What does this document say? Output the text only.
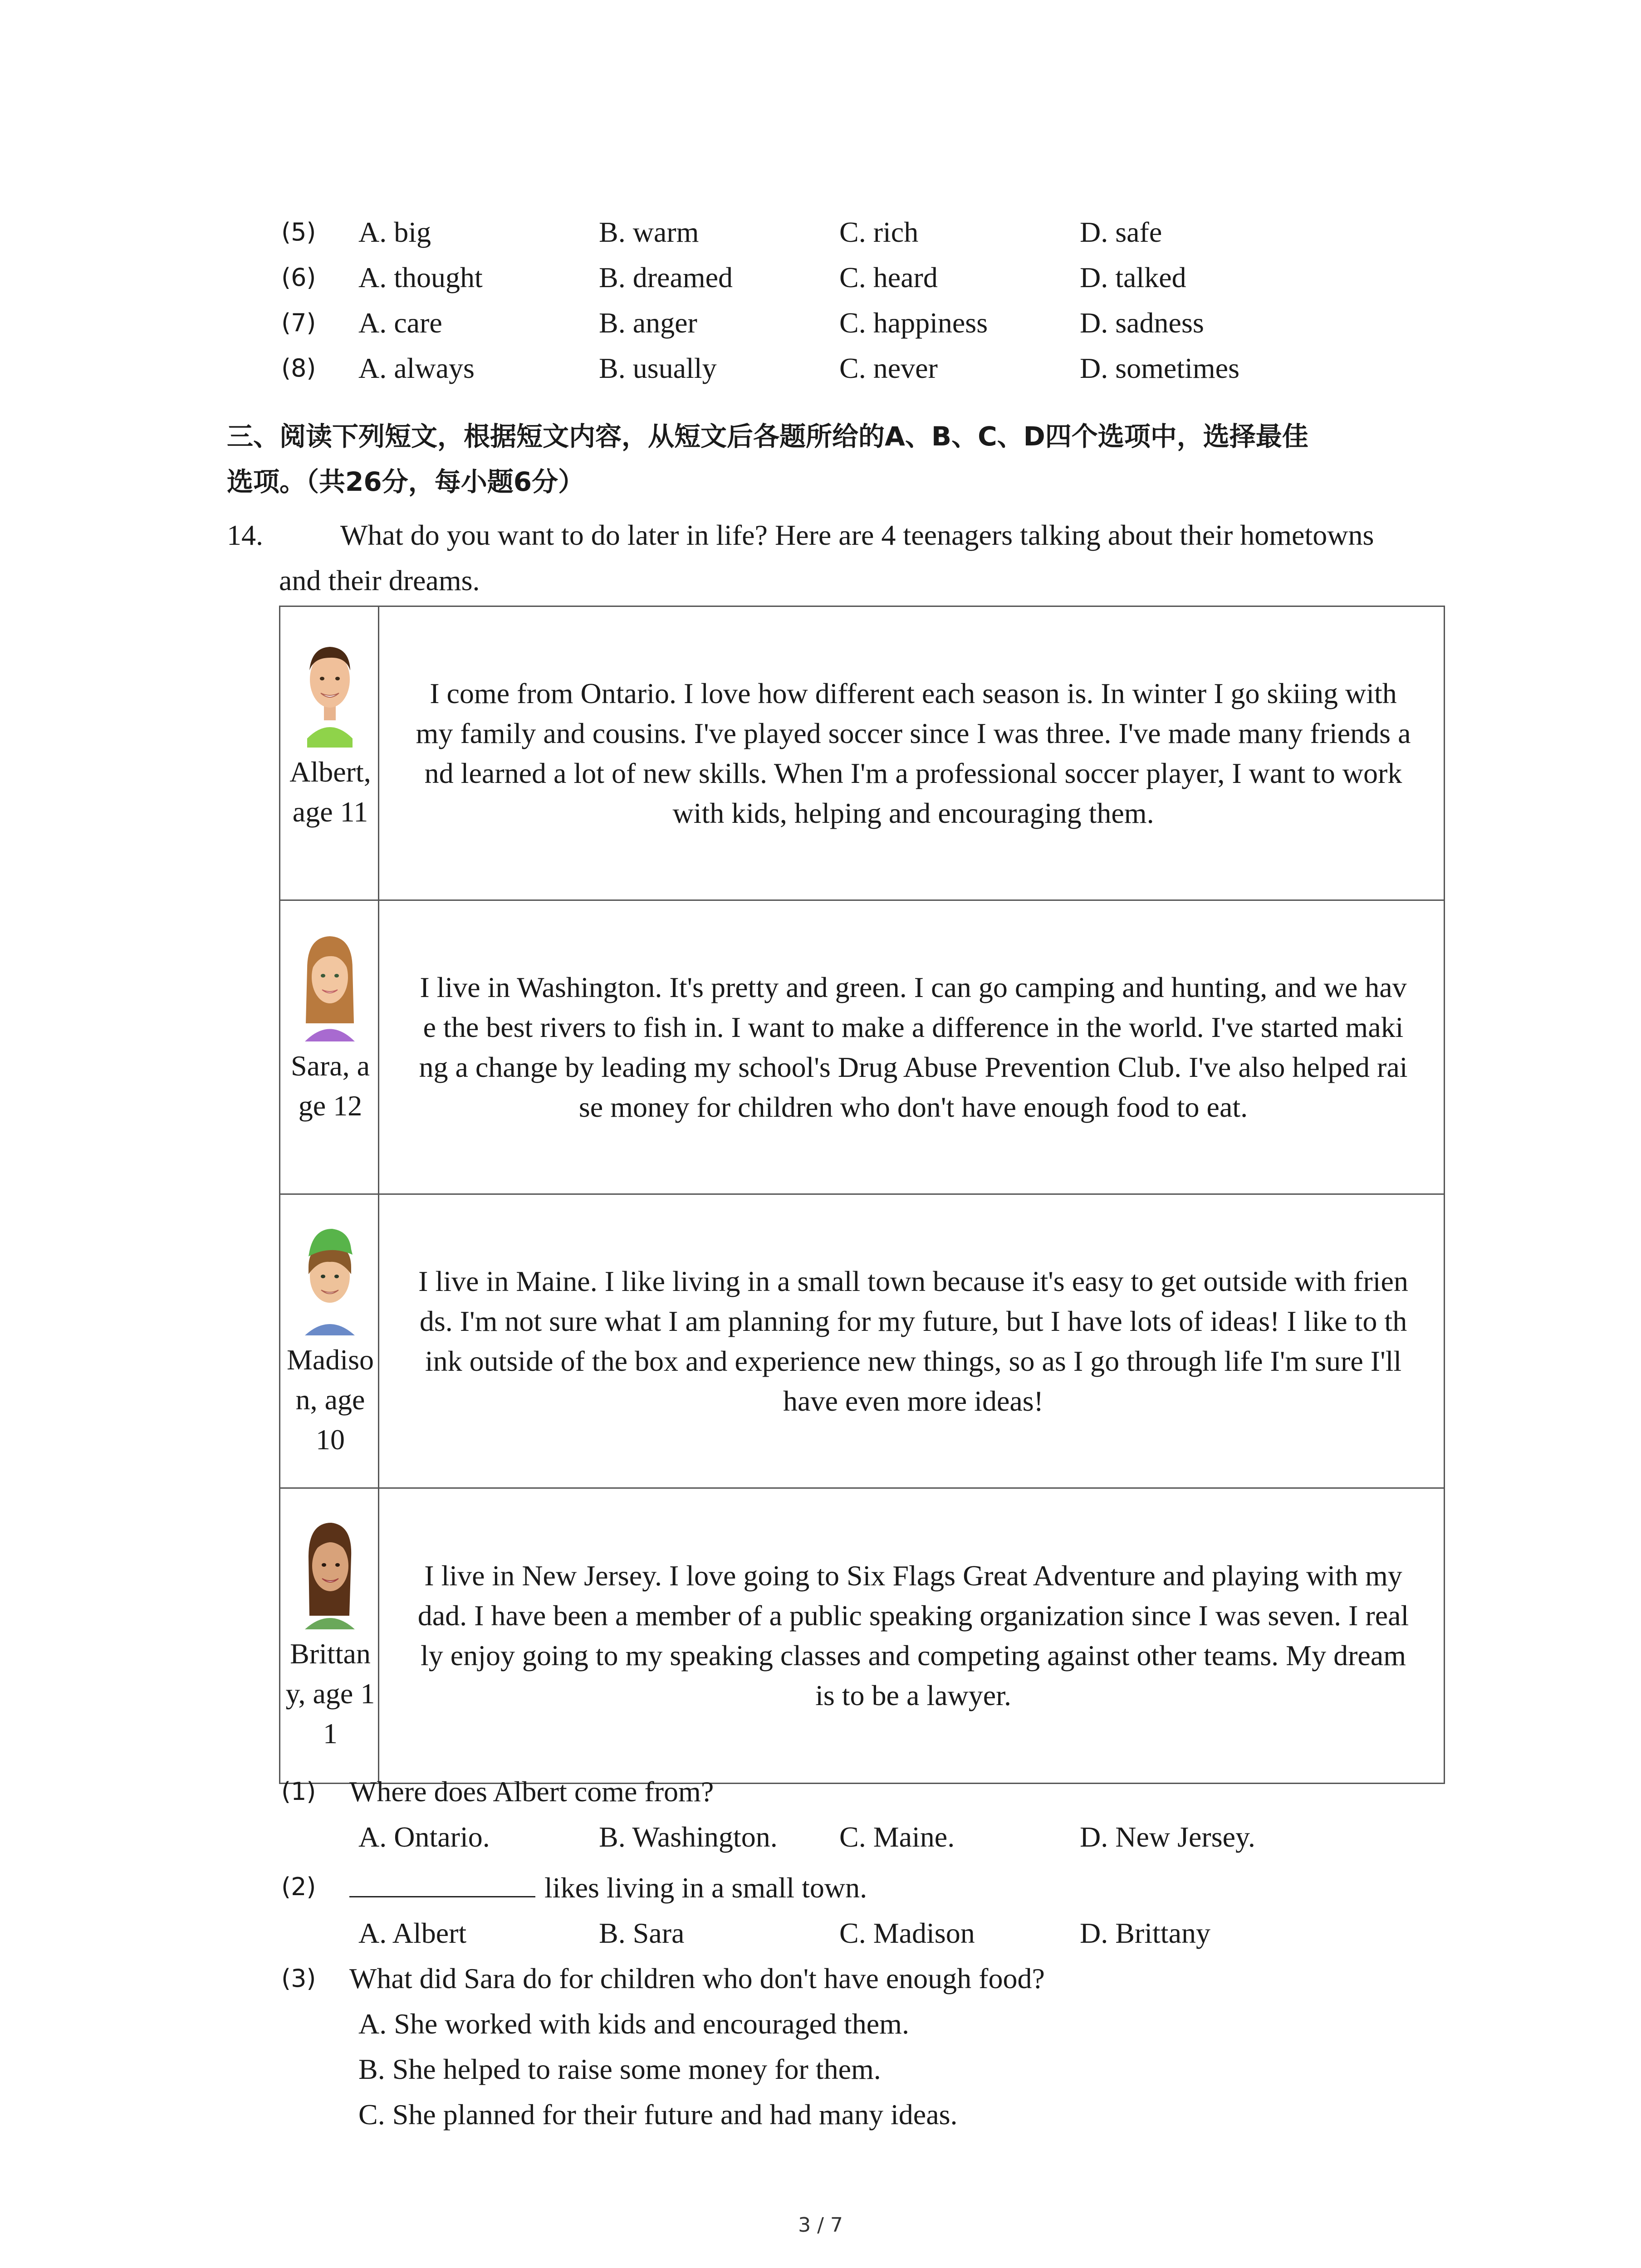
(5) A. big	B. warm	C. rich	D. safe
(6) A. thought	B. dreamed	C. heard	D. talked
(7) A. care	B. anger	C. happiness	D. sadness
(8) A. always	B. usually	C. never	D. sometimes
三、阅读下列短文，根据短文内容，从短文后各题所给的A、B、C、D四个选项中，选择最佳
选项。（共26分，每小题6分）
14.	What do you want to do later in life? Here are 4 teenagers talking about their hometowns
and their dreams.
Albert, age 11
I come from Ontario. I love how different each season is. In winter I go skiing with
my family and cousins. I've played soccer since I was three. I've made many friends a
nd learned a lot of new skills. When I'm a professional soccer player, I want to work
with kids, helping and encouraging them.
Sara, age 12
I live in Washington. It's pretty and green. I can go camping and hunting, and we hav
e the best rivers to fish in. I want to make a difference in the world. I've started maki
ng a change by leading my school's Drug Abuse Prevention Club. I've also helped rai
se money for children who don't have enough food to eat.
Madison, age 10
I live in Maine. I like living in a small town because it's easy to get outside with frien
ds. I'm not sure what I am planning for my future, but I have lots of ideas! I like to th
ink outside of the box and experience new things, so as I go through life I'm sure I'll
have even more ideas!
Brittany, age 11
I live in New Jersey. I love going to Six Flags Great Adventure and playing with my
dad. I have been a member of a public speaking organization since I was seven. I real
ly enjoy going to my speaking classes and competing against other teams. My dream
is to be a lawyer.
(1) Where does Albert come from?
A. Ontario.	B. Washington. C. Maine.	D. New Jersey.
(2)	likes living in a small town.
A. Albert	B. Sara	C. Madison	D. Brittany
(3) What did Sara do for children who don't have enough food?
A. She worked with kids and encouraged them.
B. She helped to raise some money for them.
C. She planned for their future and had many ideas.
3 / 7
